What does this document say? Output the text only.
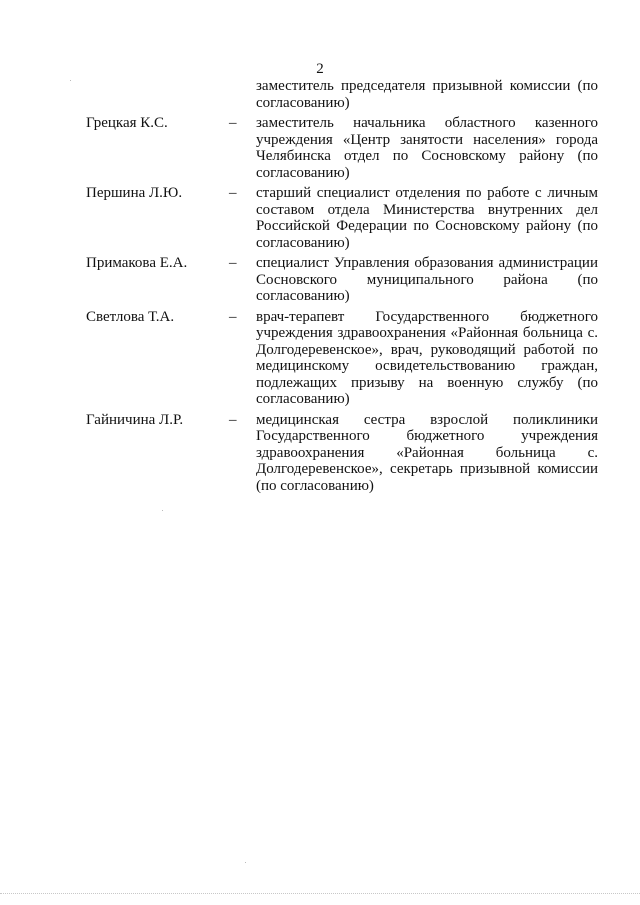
2
заместитель председателя призывной комиссии (по согласованию)
Грецкая К.С.	– заместитель начальника областного казенного учреждения «Центр занятости населения» города Челябинска отдел по Сосновскому району (по согласованию)
Першина Л.Ю.	– старший специалист отделения по работе с личным составом отдела Министерства внутренних дел Российской Федерации по Сосновскому району (по согласованию)
Примакова Е.А.	– специалист Управления образования администрации Сосновского муниципального района (по согласованию)
Светлова Т.А.	– врач-терапевт Государственного бюджетного учреждения здравоохранения «Районная больница с. Долгодеревенское», врач, руководящий работой по медицинскому освидетельствованию граждан, подлежащих призыву на военную службу (по согласованию)
Гайничина Л.Р.	– медицинская сестра взрослой поликлиники Государственного бюджетного учреждения здравоохранения «Районная больница с. Долгодеревенское», секретарь призывной комиссии (по согласованию)
